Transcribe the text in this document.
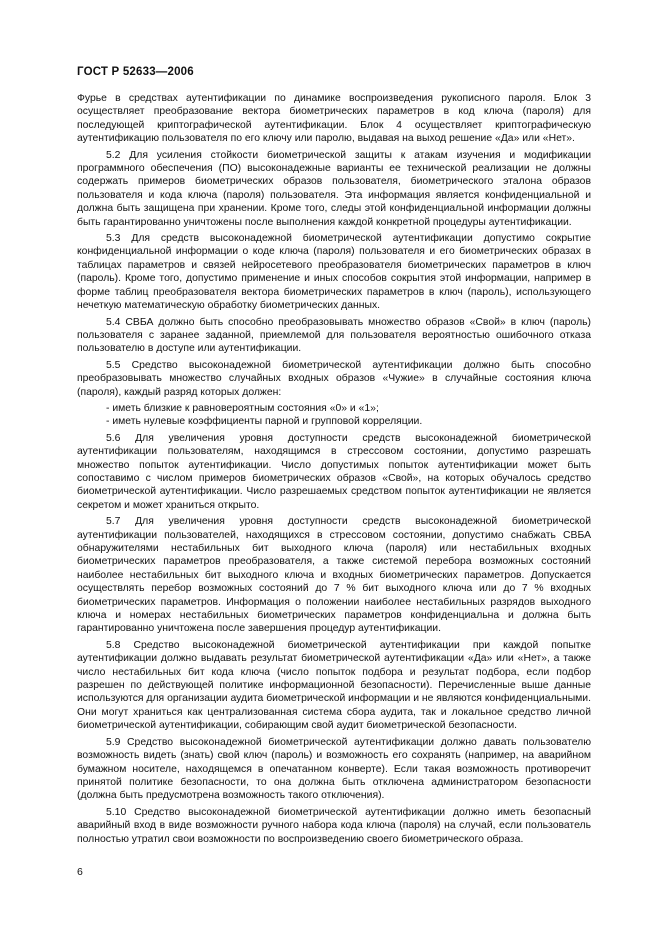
ГОСТ Р 52633—2006

Фурье в средствах аутентификации по динамике воспроизведения рукописного пароля. Блок 3 осуществляет преобразование вектора биометрических параметров в код ключа (пароля) для последующей криптографической аутентификации. Блок 4 осуществляет криптографическую аутентификацию пользователя по его ключу или паролю, выдавая на выход решение «Да» или «Нет».

5.2 Для усиления стойкости биометрической защиты к атакам изучения и модификации программного обеспечения (ПО) высоконадежные варианты ее технической реализации не должны содержать примеров биометрических образов пользователя, биометрического эталона образов пользователя и кода ключа (пароля) пользователя. Эта информация является конфиденциальной и должна быть защищена при хранении. Кроме того, следы этой конфиденциальной информации должны быть гарантированно уничтожены после выполнения каждой конкретной процедуры аутентификации.

5.3 Для средств высоконадежной биометрической аутентификации допустимо сокрытие конфиденциальной информации о коде ключа (пароля) пользователя и его биометрических образах в таблицах параметров и связей нейросетевого преобразователя биометрических параметров в ключ (пароль). Кроме того, допустимо применение и иных способов сокрытия этой информации, например в форме таблиц преобразователя вектора биометрических параметров в ключ (пароль), использующего нечеткую математическую обработку биометрических данных.

5.4 СВБА должно быть способно преобразовывать множество образов «Свой» в ключ (пароль) пользователя с заранее заданной, приемлемой для пользователя вероятностью ошибочного отказа пользователю в доступе или аутентификации.

5.5 Средство высоконадежной биометрической аутентификации должно быть способно преобразовывать множество случайных входных образов «Чужие» в случайные состояния ключа (пароля), каждый разряд которых должен:

- иметь близкие к равновероятным состояния «0» и «1»;

- иметь нулевые коэффициенты парной и групповой корреляции.

5.6 Для увеличения уровня доступности средств высоконадежной биометрической аутентификации пользователям, находящимся в стрессовом состоянии, допустимо разрешать множество попыток аутентификации. Число допустимых попыток аутентификации может быть сопоставимо с числом примеров биометрических образов «Свой», на которых обучалось средство биометрической аутентификации. Число разрешаемых средством попыток аутентификации не является секретом и может храниться открыто.

5.7 Для увеличения уровня доступности средств высоконадежной биометрической аутентификации пользователей, находящихся в стрессовом состоянии, допустимо снабжать СВБА обнаружителями нестабильных бит выходного ключа (пароля) или нестабильных входных биометрических параметров преобразователя, а также системой перебора возможных состояний наиболее нестабильных бит выходного ключа и входных биометрических параметров. Допускается осуществлять перебор возможных состояний до 7 % бит выходного ключа или до 7 % входных биометрических параметров. Информация о положении наиболее нестабильных разрядов выходного ключа и номерах нестабильных биометрических параметров конфиденциальна и должна быть гарантированно уничтожена после завершения процедур аутентификации.

5.8 Средство высоконадежной биометрической аутентификации при каждой попытке аутентификации должно выдавать результат биометрической аутентификации «Да» или «Нет», а также число нестабильных бит кода ключа (число попыток подбора и результат подбора, если подбор разрешен по действующей политике информационной безопасности). Перечисленные выше данные используются для организации аудита биометрической информации и не являются конфиденциальными. Они могут храниться как централизованная система сбора аудита, так и локальное средство личной биометрической аутентификации, собирающим свой аудит биометрической безопасности.

5.9 Средство высоконадежной биометрической аутентификации должно давать пользователю возможность видеть (знать) свой ключ (пароль) и возможность его сохранять (например, на аварийном бумажном носителе, находящемся в опечатанном конверте). Если такая возможность противоречит принятой политике безопасности, то она должна быть отключена администратором безопасности (должна быть предусмотрена возможность такого отключения).

5.10 Средство высоконадежной биометрической аутентификации должно иметь безопасный аварийный вход в виде возможности ручного набора кода ключа (пароля) на случай, если пользователь полностью утратил свои возможности по воспроизведению своего биометрического образа.

6
